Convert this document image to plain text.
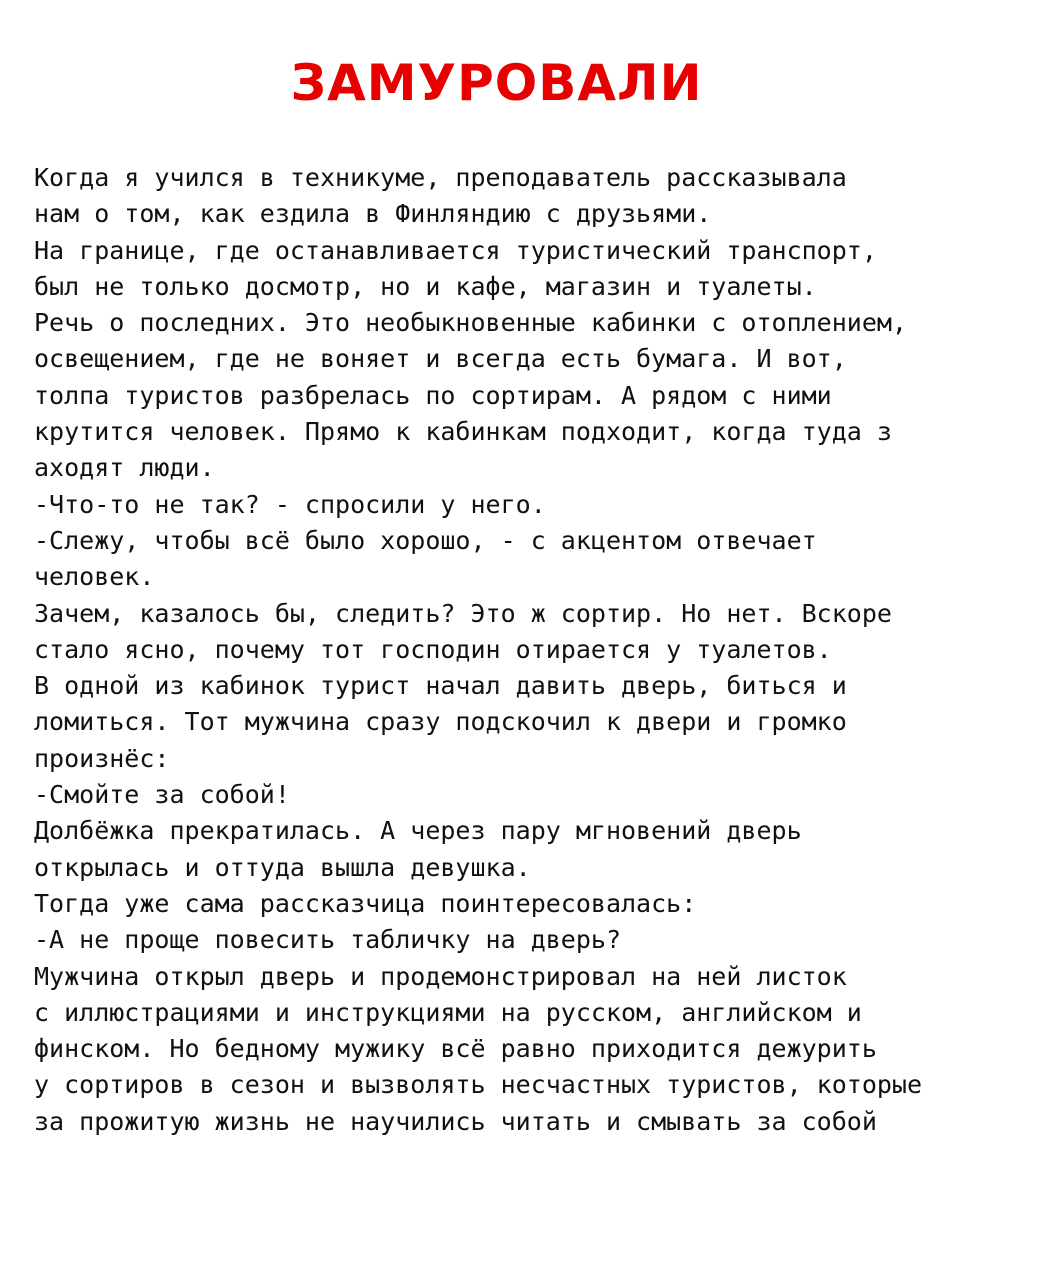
ЗАМУРОВАЛИ
Когда я учился в техникуме, преподаватель рассказывала
нам о том, как ездила в Финляндию с друзьями.
На границе, где останавливается туристический транспорт,
был не только досмотр, но и кафе, магазин и туалеты.
Речь о последних. Это необыкновенные кабинки с отоплением,
освещением, где не воняет и всегда есть бумага. И вот,
толпа туристов разбрелась по сортирам. А рядом с ними
крутится человек. Прямо к кабинкам подходит, когда туда з
аходят люди.
-Что-то не так? - спросили у него.
-Слежу, чтобы всё было хорошо, - с акцентом отвечает
человек.
Зачем, казалось бы, следить? Это ж сортир. Но нет. Вскоре
стало ясно, почему тот господин отирается у туалетов.
В одной из кабинок турист начал давить дверь, биться и
ломиться. Тот мужчина сразу подскочил к двери и громко
произнёс:
-Смойте за собой!
Долбёжка прекратилась. А через пару мгновений дверь
открылась и оттуда вышла девушка.
Тогда уже сама рассказчица поинтересовалась:
-А не проще повесить табличку на дверь?
Мужчина открыл дверь и продемонстрировал на ней листок
с иллюстрациями и инструкциями на русском, английском и
финском. Но бедному мужику всё равно приходится дежурить
у сортиров в сезон и вызволять несчастных туристов, которые
за прожитую жизнь не научились читать и смывать за собой
